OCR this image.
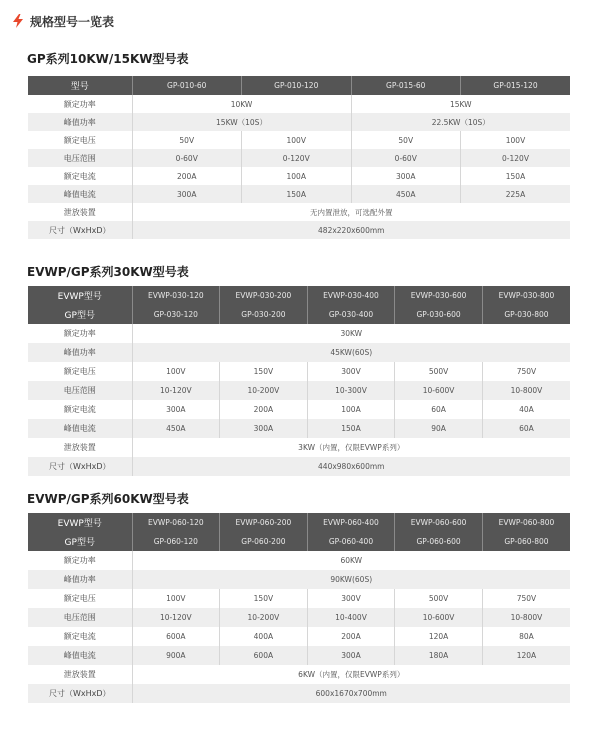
规格型号一览表
GP系列10KW/15KW型号表
型号	GP-010-60	GP-010-120	GP-015-60	GP-015-120
额定功率	10KW		15KW	
峰值功率	15KW（10S）		22.5KW（10S）	
额定电压	50V	100V	50V	100V
电压范围	0-60V	0-120V	0-60V	0-120V
额定电流	200A	100A	300A	150A
峰值电流	300A	150A	450A	225A
泄放装置	无内置泄放，可选配外置			
尺寸（WxHxD）	482x220x600mm			
EVWP/GP系列30KW型号表
EVWP型号	EVWP-030-120	EVWP-030-200	EVWP-030-400	EVWP-030-600	EVWP-030-800
GP型号	GP-030-120	GP-030-200	GP-030-400	GP-030-600	GP-030-800
额定功率	30KW				
峰值功率	45KW(60S)				
额定电压	100V	150V	300V	500V	750V
电压范围	10-120V	10-200V	10-300V	10-600V	10-800V
额定电流	300A	200A	100A	60A	40A
峰值电流	450A	300A	150A	90A	60A
泄放装置	3KW（内置，仅限EVWP系列）				
尺寸（WxHxD）	440x980x600mm				
EVWP/GP系列60KW型号表
EVWP型号	EVWP-060-120	EVWP-060-200	EVWP-060-400	EVWP-060-600	EVWP-060-800
GP型号	GP-060-120	GP-060-200	GP-060-400	GP-060-600	GP-060-800
额定功率	60KW				
峰值功率	90KW(60S)				
额定电压	100V	150V	300V	500V	750V
电压范围	10-120V	10-200V	10-400V	10-600V	10-800V
额定电流	600A	400A	200A	120A	80A
峰值电流	900A	600A	300A	180A	120A
泄放装置	6KW（内置，仅限EVWP系列）				
尺寸（WxHxD）	600x1670x700mm				
